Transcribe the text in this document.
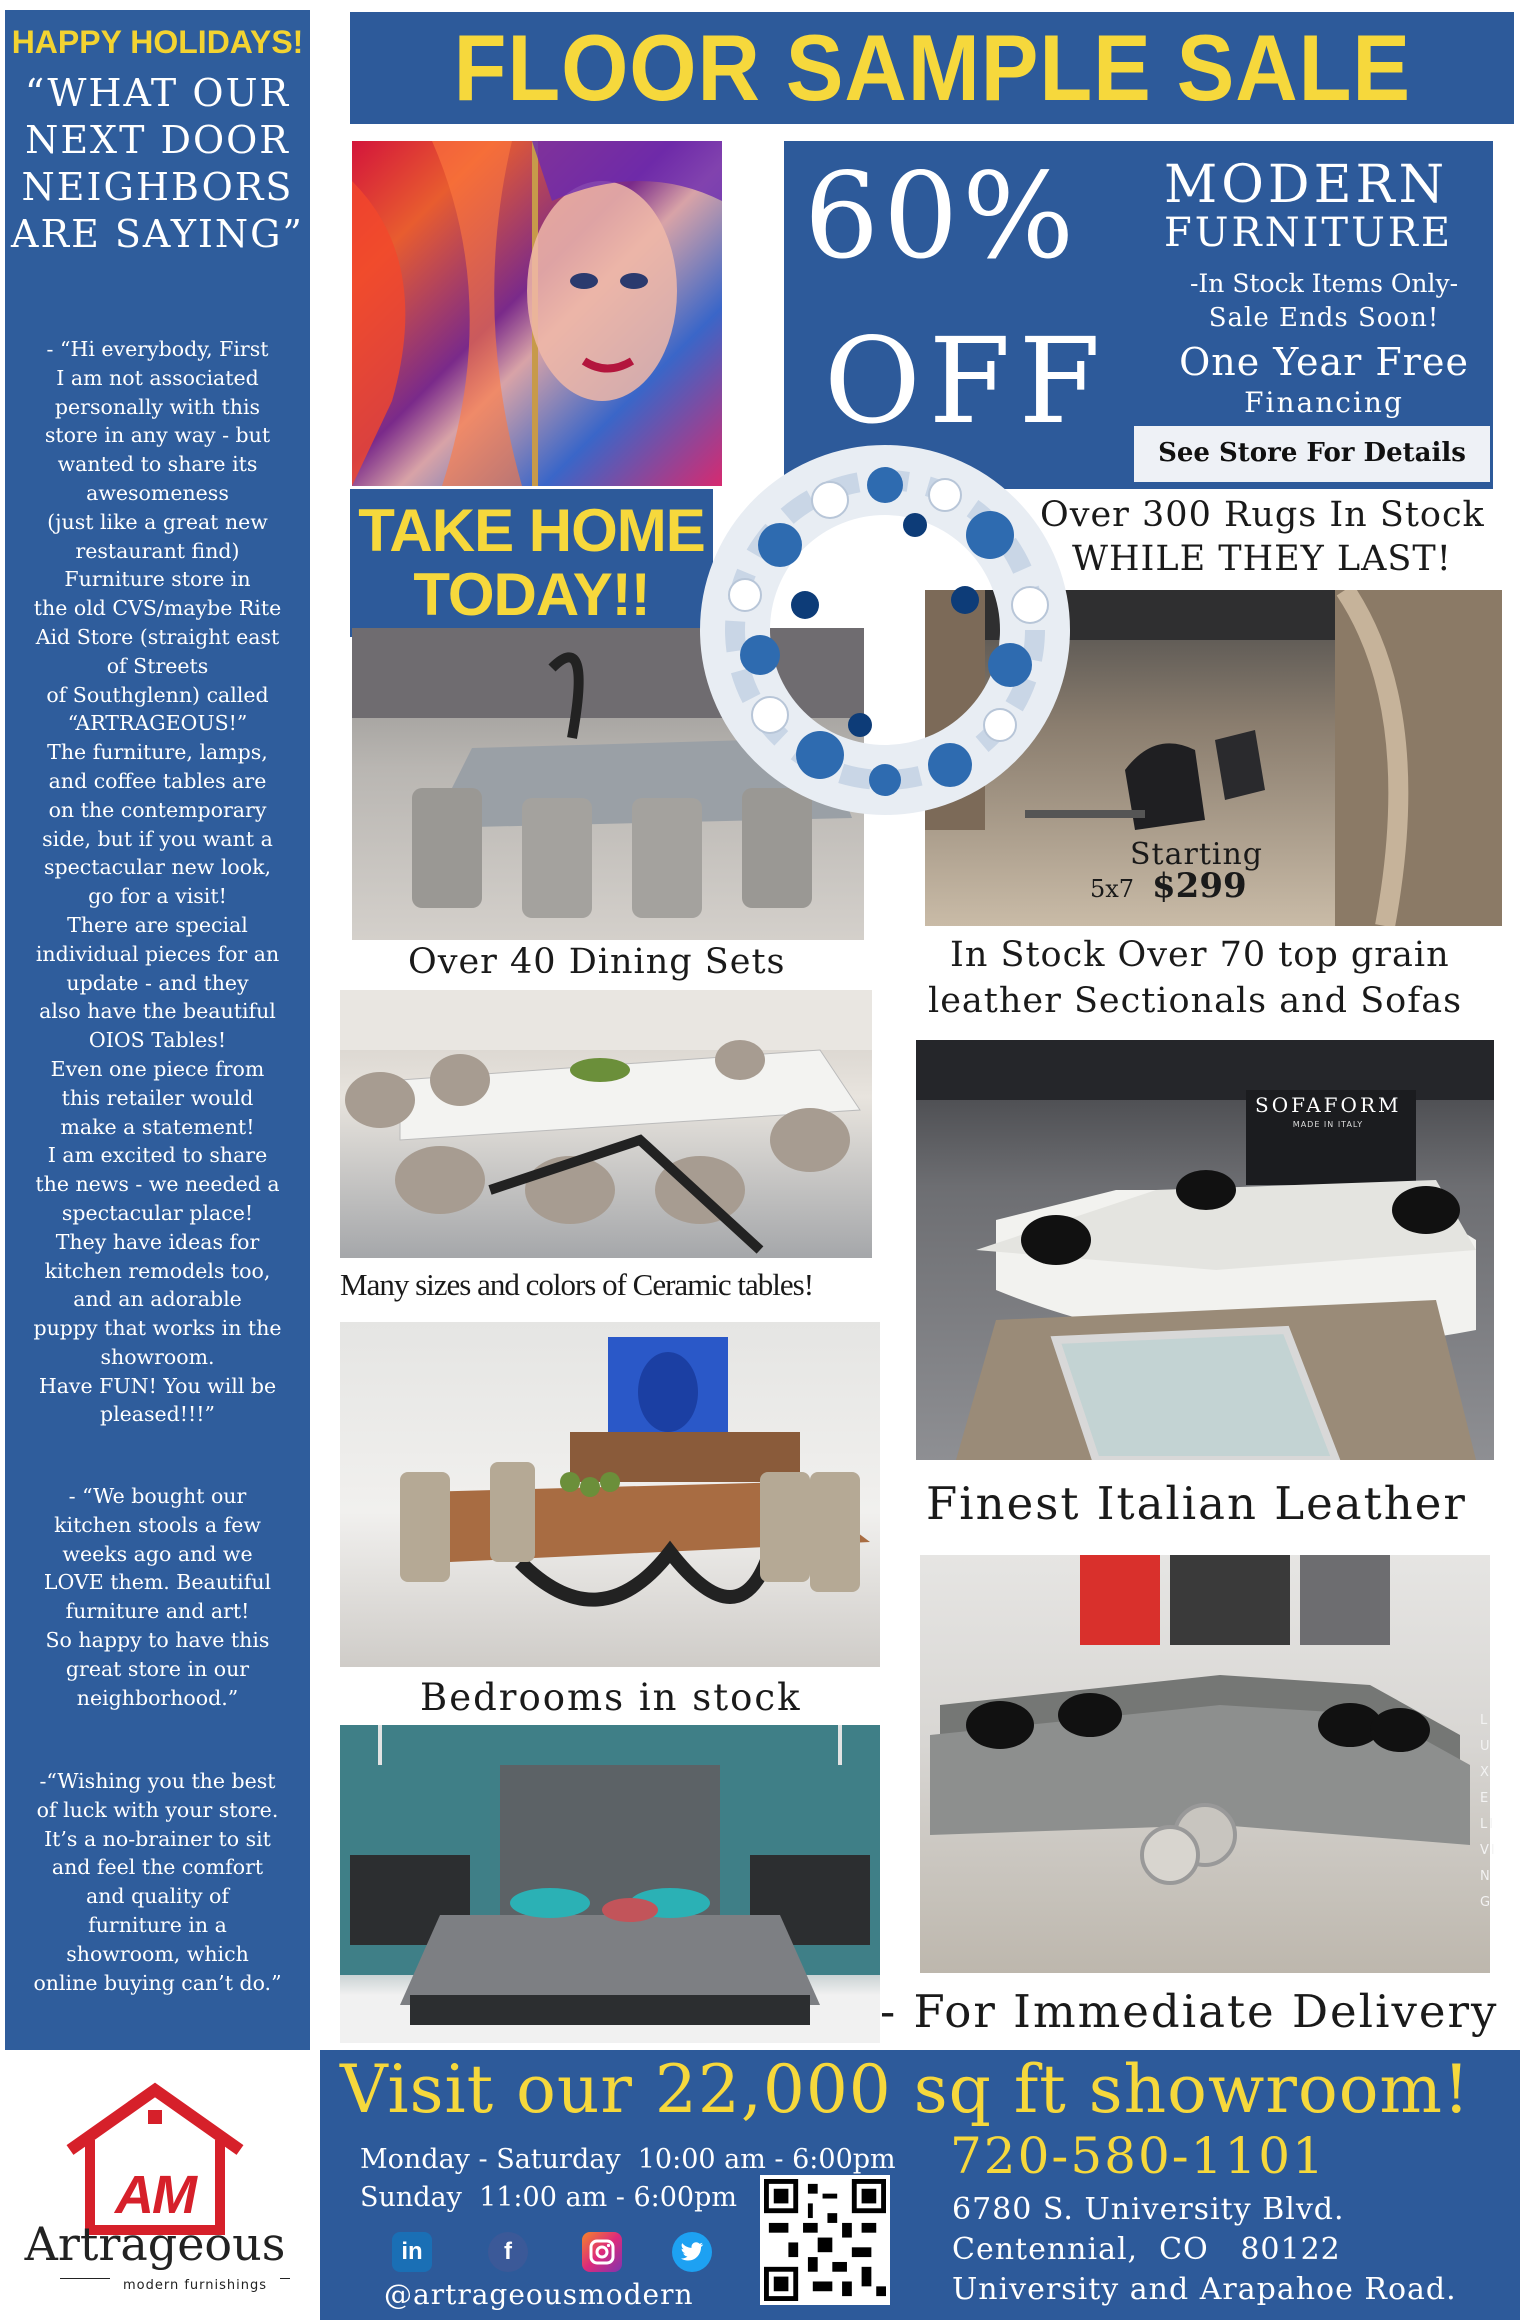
HAPPY HOLIDAYS!
“WHAT OUR NEXT DOOR NEIGHBORS ARE SAYING”
- “Hi everybody, First
I am not associated
personally with this
store in any way - but
wanted to share its
awesomeness
(just like a great new
restaurant find)
Furniture store in
the old CVS/maybe Rite
Aid Store (straight east
of Streets
of Southglenn) called
“ARTRAGEOUS!”
The furniture, lamps,
and coffee tables are
on the contemporary
side, but if you want a
spectacular new look,
go for a visit!
There are special
individual pieces for an
update - and they
also have the beautiful
OIOS Tables!
Even one piece from
this retailer would
make a statement!
I am excited to share
the news - we needed a
spectacular place!
They have ideas for
kitchen remodels too,
and an adorable
puppy that works in the
showroom.
Have FUN! You will be
pleased!!!”
- “We bought our
kitchen stools a few
weeks ago and we
LOVE them. Beautiful
furniture and art!
So happy to have this
great store in our
neighborhood.”
-“Wishing you the best
of luck with your store.
It’s a no-brainer to sit
and feel the comfort
and quality of
furniture in a
showroom, which
online buying can’t do.”
FLOOR SAMPLE SALE
60%
OFF
MODERN
FURNITURE
-In Stock Items Only-
Sale Ends Soon!
One Year Free
Financing
See Store For Details
TAKE HOME
TODAY!!
Over 300 Rugs In Stock
WHILE THEY LAST!
Starting
5x7 $299
Over 40 Dining Sets	In Stock Over 70 top grain
leather Sectionals and Sofas
Many sizes and colors of Ceramic tables!
SOFAFORM
MADE IN ITALY
Finest Italian Leather
LUXE LIVING
Bedrooms in stock
- For Immediate Delivery
AM
Artrageous
modern furnishings
Visit our 22,000 sq ft showroom!
Monday - Saturday  10:00 am - 6:00pm
Sunday  11:00 am - 6:00pm
in	f
@artrageousmodern
720-580-1101
6780 S. University Blvd.
Centennial,  CO   80122
University and Arapahoe Road.
